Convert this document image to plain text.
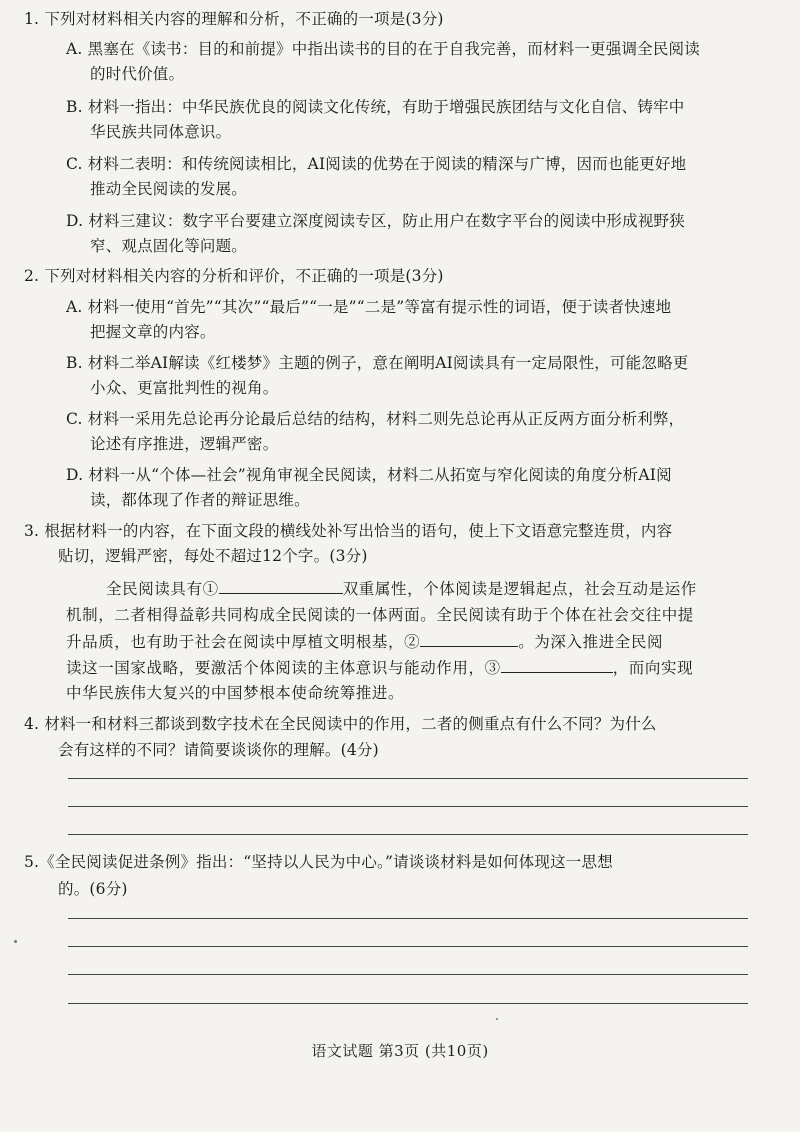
1. 下列对材料相关内容的理解和分析，不正确的一项是(3分)
A. 黑塞在《读书：目的和前提》中指出读书的目的在于自我完善，而材料一更强调全民阅读
的时代价值。
B. 材料一指出：中华民族优良的阅读文化传统，有助于增强民族团结与文化自信、铸牢中
华民族共同体意识。
C. 材料二表明：和传统阅读相比，AI阅读的优势在于阅读的精深与广博，因而也能更好地
推动全民阅读的发展。
D. 材料三建议：数字平台要建立深度阅读专区，防止用户在数字平台的阅读中形成视野狭
窄、观点固化等问题。
2. 下列对材料相关内容的分析和评价，不正确的一项是(3分)
A. 材料一使用“首先”“其次”“最后”“一是”“二是”等富有提示性的词语，便于读者快速地
把握文章的内容。
B. 材料二举AI解读《红楼梦》主题的例子，意在阐明AI阅读具有一定局限性，可能忽略更
小众、更富批判性的视角。
C. 材料一采用先总论再分论最后总结的结构，材料二则先总论再从正反两方面分析利弊，
论述有序推进，逻辑严密。
D. 材料一从“个体—社会”视角审视全民阅读，材料二从拓宽与窄化阅读的角度分析AI阅
读，都体现了作者的辩证思维。
3. 根据材料一的内容，在下面文段的横线处补写出恰当的语句，使上下文语意完整连贯，内容
贴切，逻辑严密，每处不超过12个字。(3分)
全民阅读具有①	双重属性，个体阅读是逻辑起点，社会互动是运作
机制，二者相得益彰共同构成全民阅读的一体两面。全民阅读有助于个体在社会交往中提
升品质，也有助于社会在阅读中厚植文明根基，②	。为深入推进全民阅
读这一国家战略，要激活个体阅读的主体意识与能动作用，③	，而向实现
中华民族伟大复兴的中国梦根本使命统筹推进。
4. 材料一和材料三都谈到数字技术在全民阅读中的作用，二者的侧重点有什么不同？为什么
会有这样的不同？请简要谈谈你的理解。(4分)
5.《全民阅读促进条例》指出：“坚持以人民为中心。”请谈谈材料是如何体现这一思想
的。(6分)
语文试题 第3页 (共10页)
